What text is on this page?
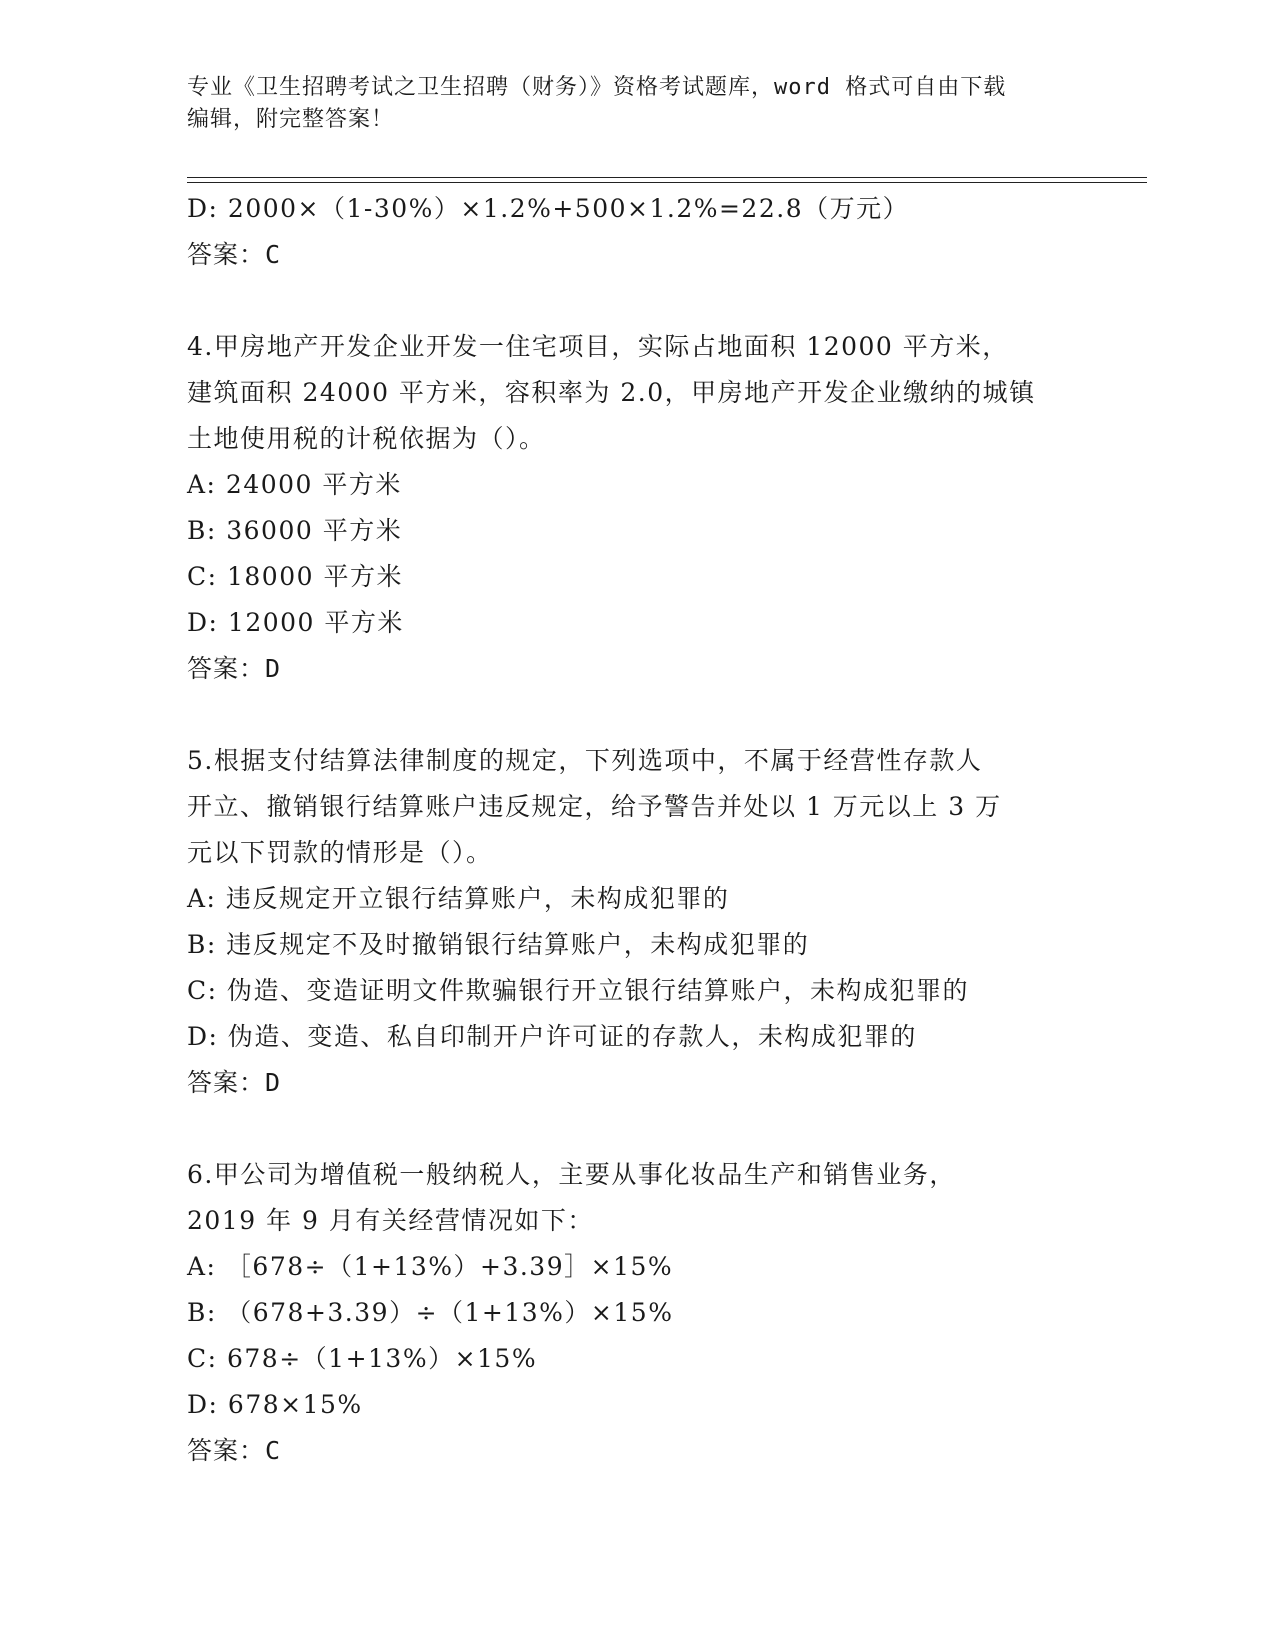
专业《卫生招聘考试之卫生招聘（财务）》资格考试题库，word 格式可自由下载
编辑，附完整答案！
D: 2000×（1-30%）×1.2%+500×1.2%=22.8（万元）
答案：C
4.甲房地产开发企业开发一住宅项目，实际占地面积 12000 平方米，
建筑面积 24000 平方米，容积率为 2.0，甲房地产开发企业缴纳的城镇
土地使用税的计税依据为（）。
A: 24000 平方米
B: 36000 平方米
C: 18000 平方米
D: 12000 平方米
答案：D
5.根据支付结算法律制度的规定，下列选项中，不属于经营性存款人
开立、撤销银行结算账户违反规定，给予警告并处以 1 万元以上 3 万
元以下罚款的情形是（）。
A: 违反规定开立银行结算账户，未构成犯罪的
B: 违反规定不及时撤销银行结算账户，未构成犯罪的
C: 伪造、变造证明文件欺骗银行开立银行结算账户，未构成犯罪的
D: 伪造、变造、私自印制开户许可证的存款人，未构成犯罪的
答案：D
6.甲公司为增值税一般纳税人，主要从事化妆品生产和销售业务，
2019 年 9 月有关经营情况如下：
A: ［678÷（1+13%）+3.39］×15%
B: （678+3.39）÷（1+13%）×15%
C: 678÷（1+13%）×15%
D: 678×15%
答案：C
